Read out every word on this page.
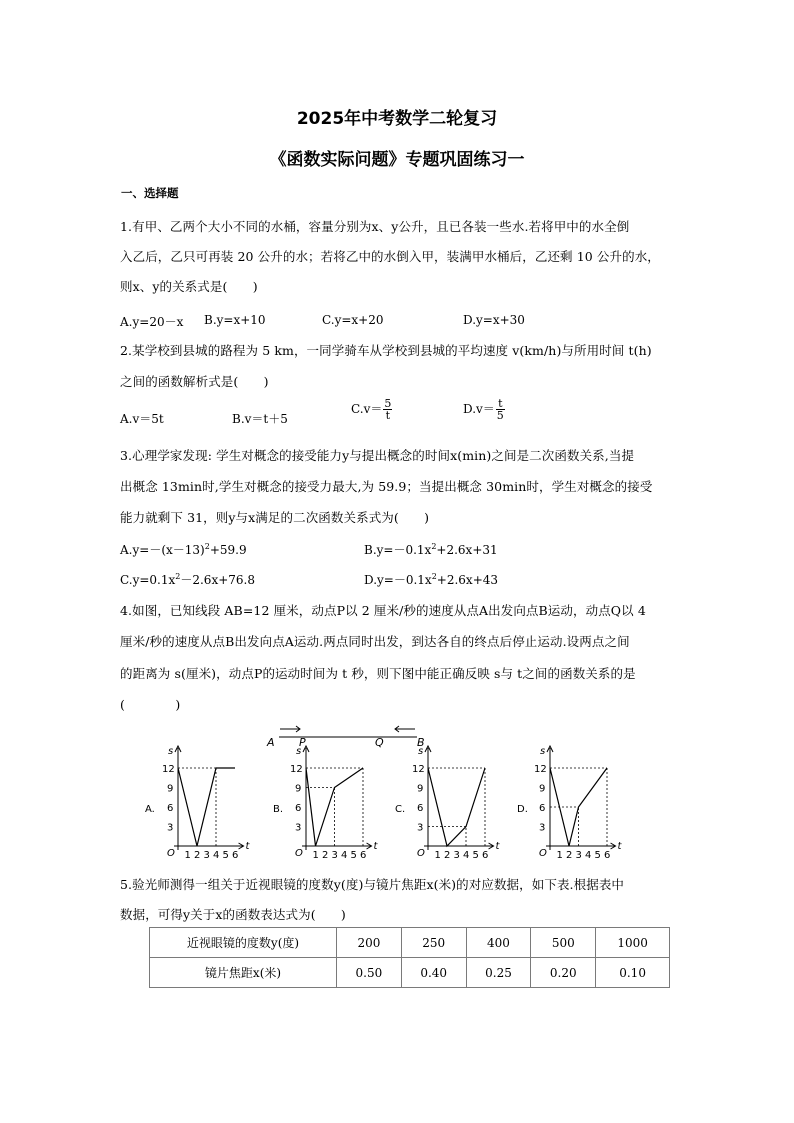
2025年中考数学二轮复习
《函数实际问题》专题巩固练习一
一、选择题
1.有甲、乙两个大小不同的水桶，容量分别为x、y公升，且已各装一些水.若将甲中的水全倒
入乙后，乙只可再装 20 公升的水；若将乙中的水倒入甲，装满甲水桶后，乙还剩 10 公升的水，
则x、y的关系式是(　　)
A.y=20－x B.y=x+10	C.y=x+20	D.y=x+30
2.某学校到县城的路程为 5 km，一同学骑车从学校到县城的平均速度 v(km/h)与所用时间 t(h)
之间的函数解析式是(　　)
A.v＝5t	B.v＝t＋5
$C.v= \frac{5}{t}$	$D.v= \frac{t}{5}$
3.心理学家发现: 学生对概念的接受能力y与提出概念的时间x(min)之间是二次函数关系,当提
出概念 13min时,学生对概念的接受力最大,为 59.9；当提出概念 30min时，学生对概念的接受
能力就剩下 31，则y与x满足的二次函数关系式为(　　)
$A.y=-(x-13)^2+59.9$	$B.y=-0.1x^2+2.6x+31$
$C.y=0.1x^2-2.6x+76.8$	$D.y=-0.1x^2+2.6x+43$
4.如图，已知线段 AB=12 厘米，动点P以 2 厘米/秒的速度从点A出发向点B运动，动点Q以 4
厘米/秒的速度从点B出发向点A运动.两点同时出发，到达各自的终点后停止运动.设两点之间
的距离为 s(厘米)，动点P的运动时间为 t 秒，则下图中能正确反映 s与 t之间的函数关系的是
(　　　　)
A P	Q	B
s
t
O
12
9
6
3
1 2 3 4 5 6
A.
s
t
O
12
9
6
3
1 2 3 4 5 6
B.
s
t
O
12
9
6
3
1 2 3 4 5 6
C.
s
t
O
12
9
6
3
1 2 3 4 5 6
D.
5.验光师测得一组关于近视眼镜的度数y(度)与镜片焦距x(米)的对应数据，如下表.根据表中
数据，可得y关于x的函数表达式为(　　)
近视眼镜的度数y(度)	200	250	400	500	1000
镜片焦距x(米)	0.50	0.40	0.25	0.20	0.10
